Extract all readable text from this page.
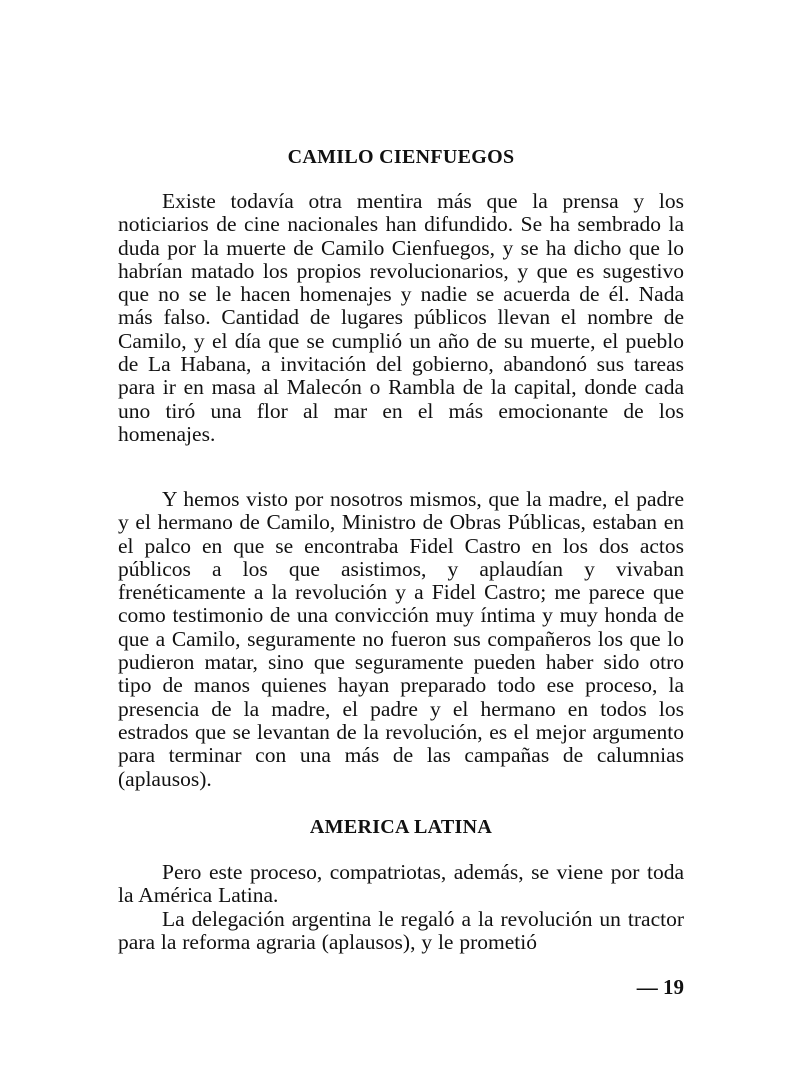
CAMILO CIENFUEGOS

Existe todavía otra mentira más que la prensa y los noticiarios de cine nacionales han difundido. Se ha sembrado la duda por la muerte de Camilo Cienfuegos, y se ha dicho que lo habrían matado los propios revolucionarios, y que es sugestivo que no se le hacen homenajes y nadie se acuerda de él. Nada más falso. Cantidad de lugares públicos llevan el nombre de Camilo, y el día que se cumplió un año de su muerte, el pueblo de La Habana, a invitación del gobierno, abandonó sus tareas para ir en masa al Malecón o Rambla de la capital, donde cada uno tiró una flor al mar en el más emocionante de los homenajes.

Y hemos visto por nosotros mismos, que la madre, el padre y el hermano de Camilo, Ministro de Obras Públicas, estaban en el palco en que se encontraba Fidel Castro en los dos actos públicos a los que asistimos, y aplaudían y vivaban frenéticamente a la revolución y a Fidel Castro; me parece que como testimonio de una convicción muy íntima y muy honda de que a Camilo, seguramente no fueron sus compañeros los que lo pudieron matar, sino que seguramente pueden haber sido otro tipo de manos quienes hayan preparado todo ese proceso, la presencia de la madre, el padre y el hermano en todos los estrados que se levantan de la revolución, es el mejor argumento para terminar con una más de las campañas de calumnias (aplausos).

AMERICA LATINA

Pero este proceso, compatriotas, además, se viene por toda la América Latina.

La delegación argentina le regaló a la revolución un tractor para la reforma agraria (aplausos), y le prometió

— 19
